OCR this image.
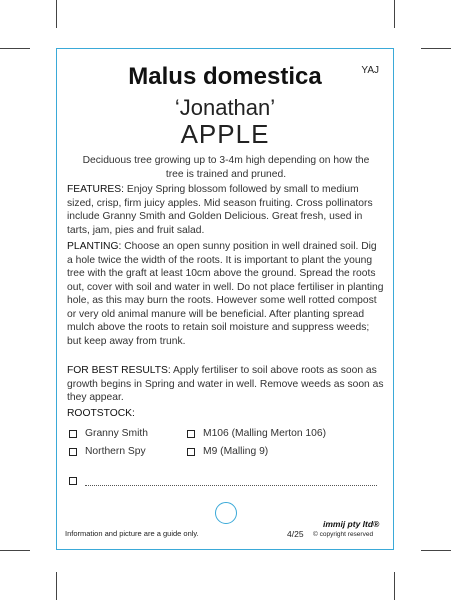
YAJ
Malus domestica
‘Jonathan’
APPLE
Deciduous tree growing up to 3-4m high depending on how the tree is trained and pruned.
FEATURES: Enjoy Spring blossom followed by small to medium sized, crisp, firm juicy apples. Mid season fruiting. Cross pollinators include Granny Smith and Golden Delicious. Great fresh, used in tarts, jam, pies and fruit salad.
PLANTING: Choose an open sunny position in well drained soil. Dig a hole twice the width of the roots. It is important to plant the young tree with the graft at least 10cm above the ground. Spread the roots out, cover with soil and water in well. Do not place fertiliser in planting hole, as this may burn the roots. However some well rotted compost or very old animal manure will be beneficial. After planting spread mulch above the roots to retain soil moisture and suppress weeds; but keep away from trunk.
FOR BEST RESULTS: Apply fertiliser to soil above roots as soon as growth begins in Spring and water in well. Remove weeds as soon as they appear.
ROOTSTOCK:
Granny Smith	M106 (Malling Merton 106)
Northern Spy	M9 (Malling 9)
Information and picture are a guide only.	4/25
immij pty ltd®
© copyright reserved
